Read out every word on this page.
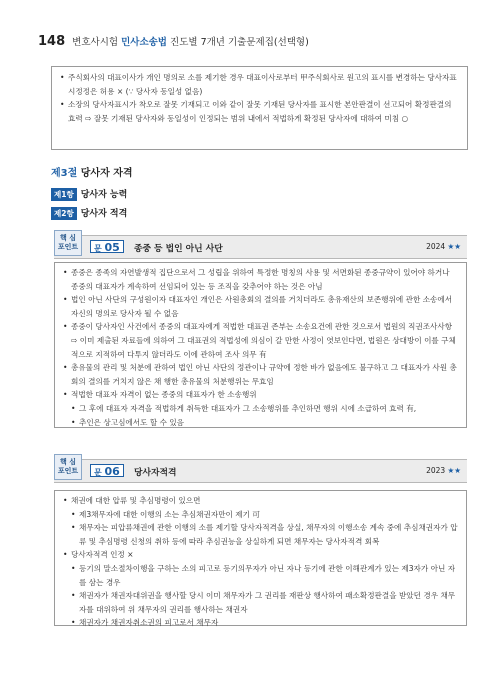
148 변호사시험 민사소송법 진도별 7개년 기출문제집(선택형)
• 주식회사의 대표이사가 개인 명의로 소를 제기한 경우 대표이사로부터 甲주식회사로 원고의 표시를 변경하는 당사자표시정정은 허용 × (∵ 당사자 동일성 없음)
• 소장의 당사자표시가 착오로 잘못 기재되고 이와 같이 잘못 기재된 당사자를 표시한 본안판결이 선고되어 확정판결의 효력 ⇨ 잘못 기재된 당사자와 동일성이 인정되는 범위 내에서 적법하게 확정된 당사자에 대하여 미침 ○
제3절 당사자 자격
제1항 당사자 능력
제2항 당사자 적격
핵 심
포인트	문 05	종중 등 법인 아닌 사단	2024 ★★
• 종중은 종족의 자연발생적 집단으로서 그 성립을 위하여 특정한 명칭의 사용 및 서면화된 종중규약이 있어야 하거나 종중의 대표자가 계속하여 선임되어 있는 등 조직을 갖추어야 하는 것은 아님
• 법인 아닌 사단의 구성원이자 대표자인 개인은 사원총회의 결의를 거치더라도 총유재산의 보존행위에 관한 소송에서 자신의 명의로 당사자 될 수 없음
• 종중이 당사자인 사건에서 종중의 대표자에게 적법한 대표권 존부는 소송요건에 관한 것으로서 법원의 직권조사사항 ⇨ 이미 제출된 자료들에 의하여 그 대표권의 적법성에 의심이 갈 만한 사정이 엿보인다면, 법원은 상대방이 이를 구체적으로 지적하여 다투지 않더라도 이에 관하여 조사 의무 有
• 총유물의 관리 및 처분에 관하여 법인 아닌 사단의 정관이나 규약에 정한 바가 없음에도 불구하고 그 대표자가 사원 총회의 결의를 거치지 않은 채 행한 총유물의 처분행위는 무효임
• 적법한 대표자 자격이 없는 종중의 대표자가 한 소송행위
• 그 후에 대표자 자격을 적법하게 취득한 대표자가 그 소송행위를 추인하면 행위 시에 소급하여 효력 有,
• 추인은 상고심에서도 할 수 있음
핵 심
포인트	문 06	당사자적격	2023 ★★
• 채권에 대한 압류 및 추심명령이 있으면
• 제3채무자에 대한 이행의 소는 추심채권자만이 제기 可
• 채무자는 피압류채권에 관한 이행의 소를 제기할 당사자적격을 상실, 채무자의 이행소송 계속 중에 추심채권자가 압류 및 추심명령 신청의 취하 등에 따라 추심권능을 상실하게 되면 채무자는 당사자적격 회복
• 당사자적격 인정 ×
• 등기의 말소절차이행을 구하는 소의 피고로 등기의무자가 아닌 자나 등기에 관한 이해관계가 있는 제3자가 아닌 자를 삼는 경우
• 채권자가 채권자대위권을 행사할 당시 이미 채무자가 그 권리를 재판상 행사하여 패소확정판결을 받았던 경우 채무자를 대위하여 위 채무자의 권리를 행사하는 채권자
• 채권자가 채권자취소권의 피고로서 채무자
